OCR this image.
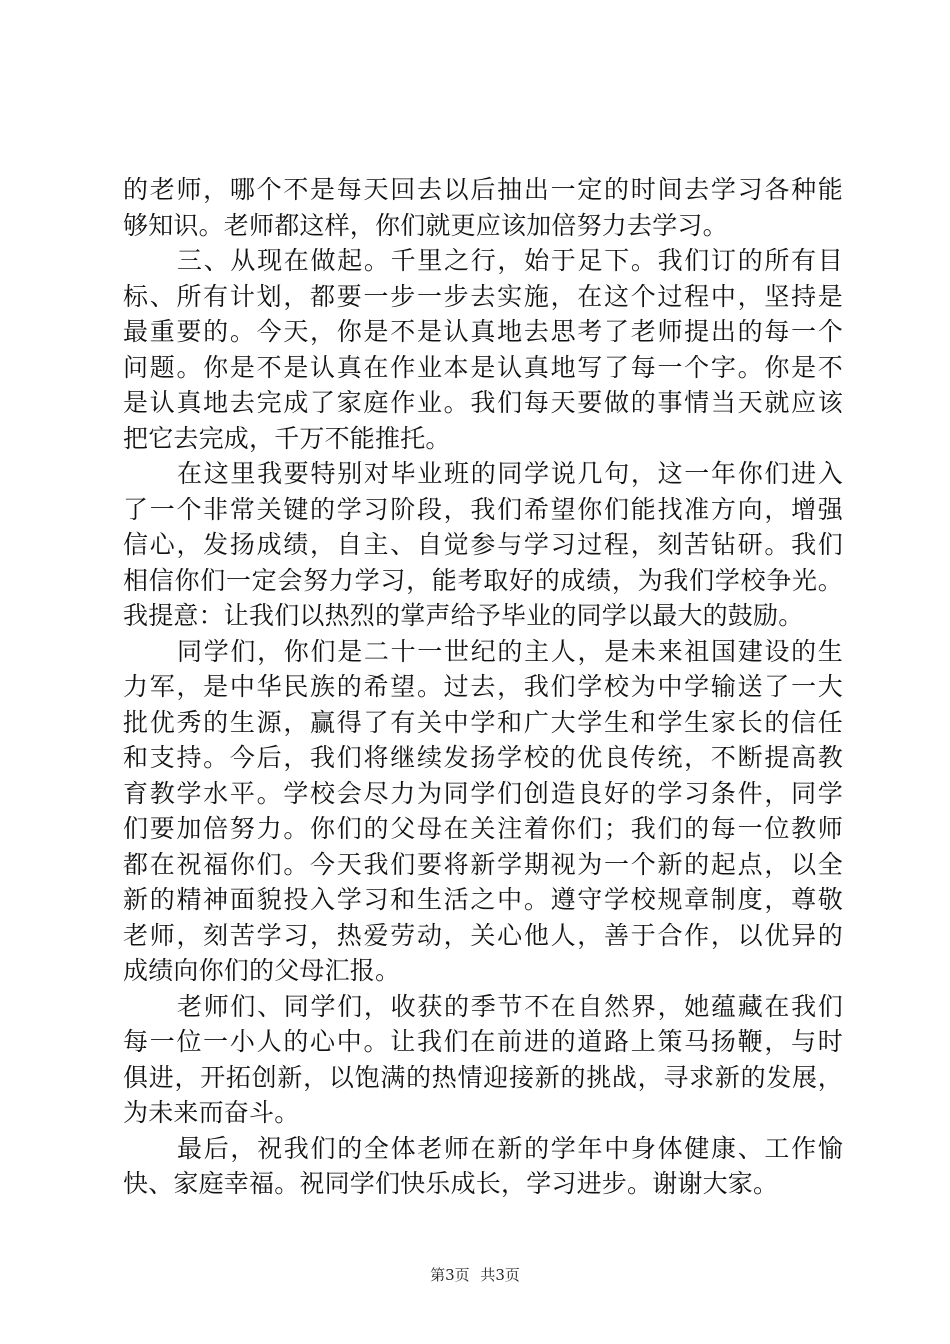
的老师，哪个不是每天回去以后抽出一定的时间去学习各种能
够知识。老师都这样，你们就更应该加倍努力去学习。
三、从现在做起。千里之行，始于足下。我们订的所有目
标、所有计划，都要一步一步去实施，在这个过程中，坚持是
最重要的。今天，你是不是认真地去思考了老师提出的每一个
问题。你是不是认真在作业本是认真地写了每一个字。你是不
是认真地去完成了家庭作业。我们每天要做的事情当天就应该
把它去完成，千万不能推托。
在这里我要特别对毕业班的同学说几句，这一年你们进入
了一个非常关键的学习阶段，我们希望你们能找准方向，增强
信心，发扬成绩，自主、自觉参与学习过程，刻苦钻研。我们
相信你们一定会努力学习，能考取好的成绩，为我们学校争光。
我提意：让我们以热烈的掌声给予毕业的同学以最大的鼓励。
同学们，你们是二十一世纪的主人，是未来祖国建设的生
力军，是中华民族的希望。过去，我们学校为中学输送了一大
批优秀的生源，赢得了有关中学和广大学生和学生家长的信任
和支持。今后，我们将继续发扬学校的优良传统，不断提高教
育教学水平。学校会尽力为同学们创造良好的学习条件，同学
们要加倍努力。你们的父母在关注着你们；我们的每一位教师
都在祝福你们。今天我们要将新学期视为一个新的起点，以全
新的精神面貌投入学习和生活之中。遵守学校规章制度，尊敬
老师，刻苦学习，热爱劳动，关心他人，善于合作，以优异的
成绩向你们的父母汇报。
老师们、同学们，收获的季节不在自然界，她蕴藏在我们
每一位一小人的心中。让我们在前进的道路上策马扬鞭，与时
俱进，开拓创新，以饱满的热情迎接新的挑战，寻求新的发展，
为未来而奋斗。
最后，祝我们的全体老师在新的学年中身体健康、工作愉
快、家庭幸福。祝同学们快乐成长，学习进步。谢谢大家。
第3页 共3页
